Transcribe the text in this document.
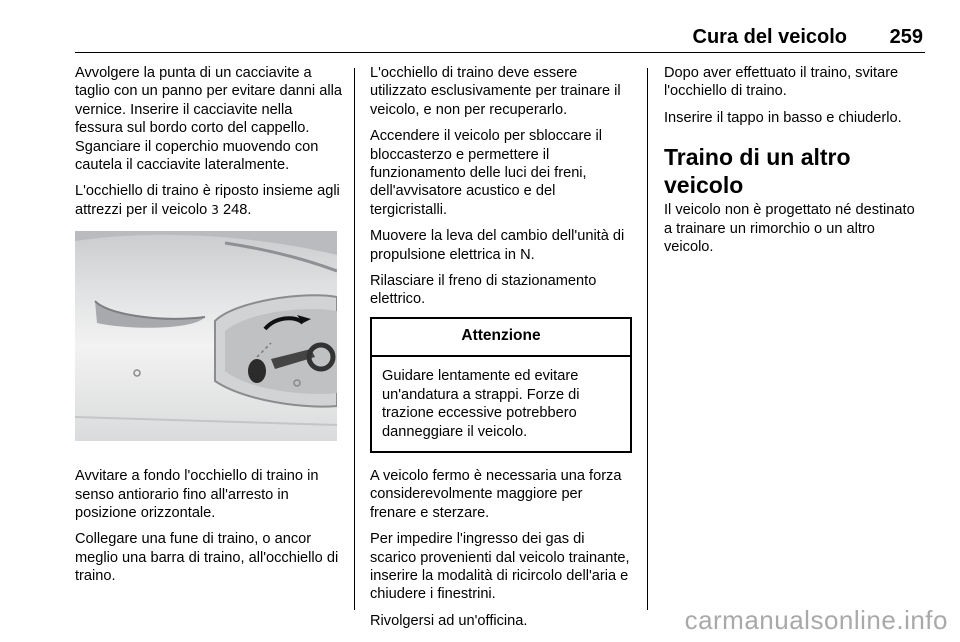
Cura del veicolo 259

Avvolgere la punta di un cacciavite a taglio con un panno per evitare danni alla vernice. Inserire il cacciavite nella fessura sul bordo corto del cappello. Sganciare il coperchio muovendo con cautela il cacciavite lateralmente.

L'occhiello di traino è riposto insieme agli attrezzi per il veicolo 3 248.

Avvitare a fondo l'occhiello di traino in senso antiorario fino all'arresto in posizione orizzontale.

Collegare una fune di traino, o ancor meglio una barra di traino, all'occhiello di traino.

L'occhiello di traino deve essere utilizzato esclusivamente per trainare il veicolo, e non per recuperarlo.

Accendere il veicolo per sbloccare il bloccasterzo e permettere il funzionamento delle luci dei freni, dell'avvisatore acustico e del tergicristalli.

Muovere la leva del cambio dell'unità di propulsione elettrica in N.

Rilasciare il freno di stazionamento elettrico.

Attenzione
Guidare lentamente ed evitare un'andatura a strappi. Forze di trazione eccessive potrebbero danneggiare il veicolo.

A veicolo fermo è necessaria una forza considerevolmente maggiore per frenare e sterzare.

Per impedire l'ingresso dei gas di scarico provenienti dal veicolo trainante, inserire la modalità di ricircolo dell'aria e chiudere i finestrini.

Rivolgersi ad un'officina.

Dopo aver effettuato il traino, svitare l'occhiello di traino.

Inserire il tappo in basso e chiuderlo.

Traino di un altro veicolo

Il veicolo non è progettato né destinato a trainare un rimorchio o un altro veicolo.

carmanualsonline.info
